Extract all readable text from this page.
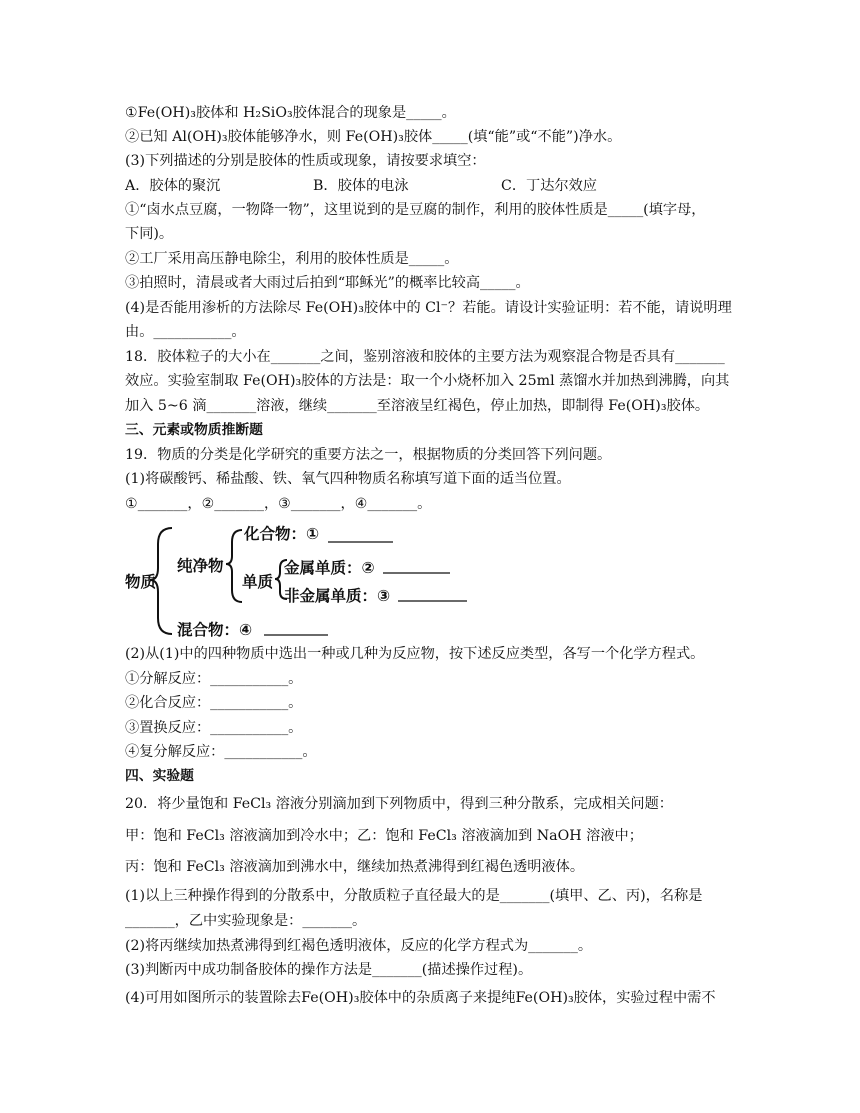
①Fe(OH)₃胶体和 H₂SiO₃胶体混合的现象是_____。
②已知 Al(OH)₃胶体能够净水，则 Fe(OH)₃胶体_____(填“能”或“不能”)净水。
(3)下列描述的分别是胶体的性质或现象，请按要求填空：
A．胶体的聚沉	B．胶体的电泳	C．丁达尔效应
①“卤水点豆腐，一物降一物”，这里说到的是豆腐的制作，利用的胶体性质是_____(填字母，
下同)。
②工厂采用高压静电除尘，利用的胶体性质是_____。
③拍照时，清晨或者大雨过后拍到“耶稣光”的概率比较高_____。
(4)是否能用渗析的方法除尽 Fe(OH)₃胶体中的 Cl⁻？若能。请设计实验证明：若不能，请说明理
由。___________。
18．胶体粒子的大小在_______之间，鉴别溶液和胶体的主要方法为观察混合物是否具有_______
效应。实验室制取 Fe(OH)₃胶体的方法是：取一个小烧杯加入 25ml 蒸馏水并加热到沸腾，向其
加入 5~6 滴_______溶液，继续_______至溶液呈红褐色，停止加热，即制得 Fe(OH)₃胶体。
三、元素或物质推断题
19．物质的分类是化学研究的重要方法之一，根据物质的分类回答下列问题。
(1)将碳酸钙、稀盐酸、铁、氧气四种物质名称填写道下面的适当位置。
①_______，②_______，③_______，④_______。
物质
纯净物
化合物：①
单质
金属单质：②
非金属单质：③
混合物：④
(2)从(1)中的四种物质中选出一种或几种为反应物，按下述反应类型，各写一个化学方程式。
①分解反应：___________。
②化合反应：___________。
③置换反应：___________。
④复分解反应：___________。
四、实验题
20．将少量饱和 FeCl₃ 溶液分别滴加到下列物质中，得到三种分散系，完成相关问题：
甲：饱和 FeCl₃ 溶液滴加到冷水中；乙：饱和 FeCl₃ 溶液滴加到 NaOH 溶液中；
丙：饱和 FeCl₃ 溶液滴加到沸水中，继续加热煮沸得到红褐色透明液体。
(1)以上三种操作得到的分散系中，分散质粒子直径最大的是_______(填甲、乙、丙)，名称是
_______，乙中实验现象是：_______。
(2)将丙继续加热煮沸得到红褐色透明液体，反应的化学方程式为_______。
(3)判断丙中成功制备胶体的操作方法是_______(描述操作过程)。
(4)可用如图所示的装置除去Fe(OH)₃胶体中的杂质离子来提纯Fe(OH)₃胶体，实验过程中需不
